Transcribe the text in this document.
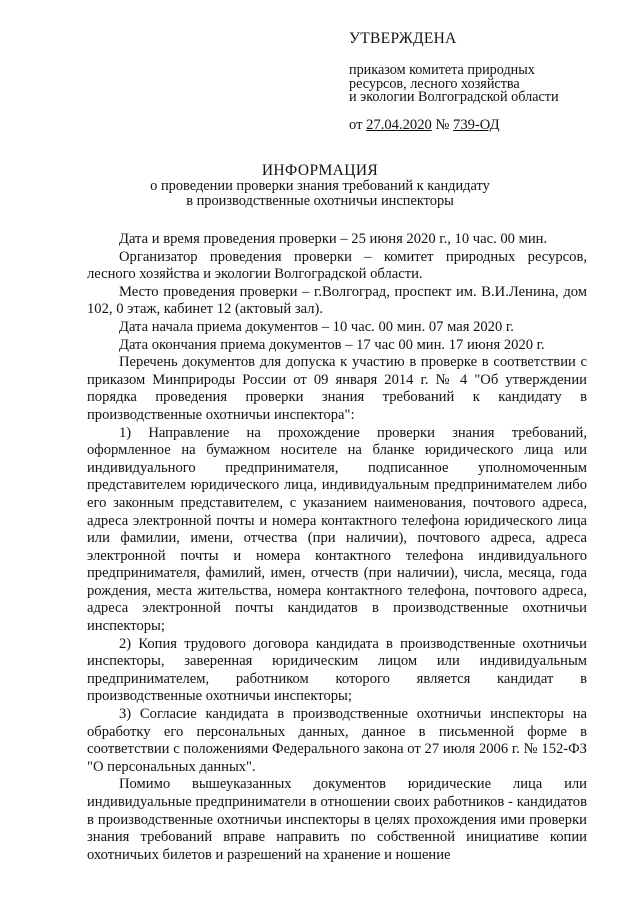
УТВЕРЖДЕНА
приказом комитета природных
ресурсов, лесного хозяйства
и экологии Волгоградской области
от 27.04.2020 № 739-ОД
ИНФОРМАЦИЯ
о проведении проверки знания требований к кандидату
в производственные охотничьи инспекторы

Дата и время проведения проверки – 25 июня 2020 г., 10 час. 00 мин.

Организатор проведения проверки – комитет природных ресурсов, лесного хозяйства и экологии Волгоградской области.

Место проведения проверки – г.Волгоград, проспект им. В.И.Ленина, дом 102, 0 этаж, кабинет 12 (актовый зал).

Дата начала приема документов – 10 час. 00 мин. 07 мая 2020 г.

Дата окончания приема документов – 17 час 00 мин. 17 июня 2020 г.

Перечень документов для допуска к участию в проверке в соответствии с приказом Минприроды России от 09 января 2014 г. № 4 "Об утверждении порядка проведения проверки знания требований к кандидату в производственные охотничьи инспектора":

1) Направление на прохождение проверки знания требований, оформленное на бумажном носителе на бланке юридического лица или индивидуального предпринимателя, подписанное уполномоченным представителем юридического лица, индивидуальным предпринимателем либо его законным представителем, с указанием наименования, почтового адреса, адреса электронной почты и номера контактного телефона юридического лица или фамилии, имени, отчества (при наличии), почтового адреса, адреса электронной почты и номера контактного телефона индивидуального предпринимателя, фамилий, имен, отчеств (при наличии), числа, месяца, года рождения, места жительства, номера контактного телефона, почтового адреса, адреса электронной почты кандидатов в производственные охотничьи инспекторы;

2) Копия трудового договора кандидата в производственные охотничьи инспекторы, заверенная юридическим лицом или индивидуальным предпринимателем, работником которого является кандидат в производственные охотничьи инспекторы;

3) Согласие кандидата в производственные охотничьи инспекторы на обработку его персональных данных, данное в письменной форме в соответствии с положениями Федерального закона от 27 июля 2006 г. № 152-ФЗ "О персональных данных".

Помимо вышеуказанных документов юридические лица или индивидуальные предприниматели в отношении своих работников - кандидатов в производственные охотничьи инспекторы в целях прохождения ими проверки знания требований вправе направить по собственной инициативе копии охотничьих билетов и разрешений на хранение и ношение
